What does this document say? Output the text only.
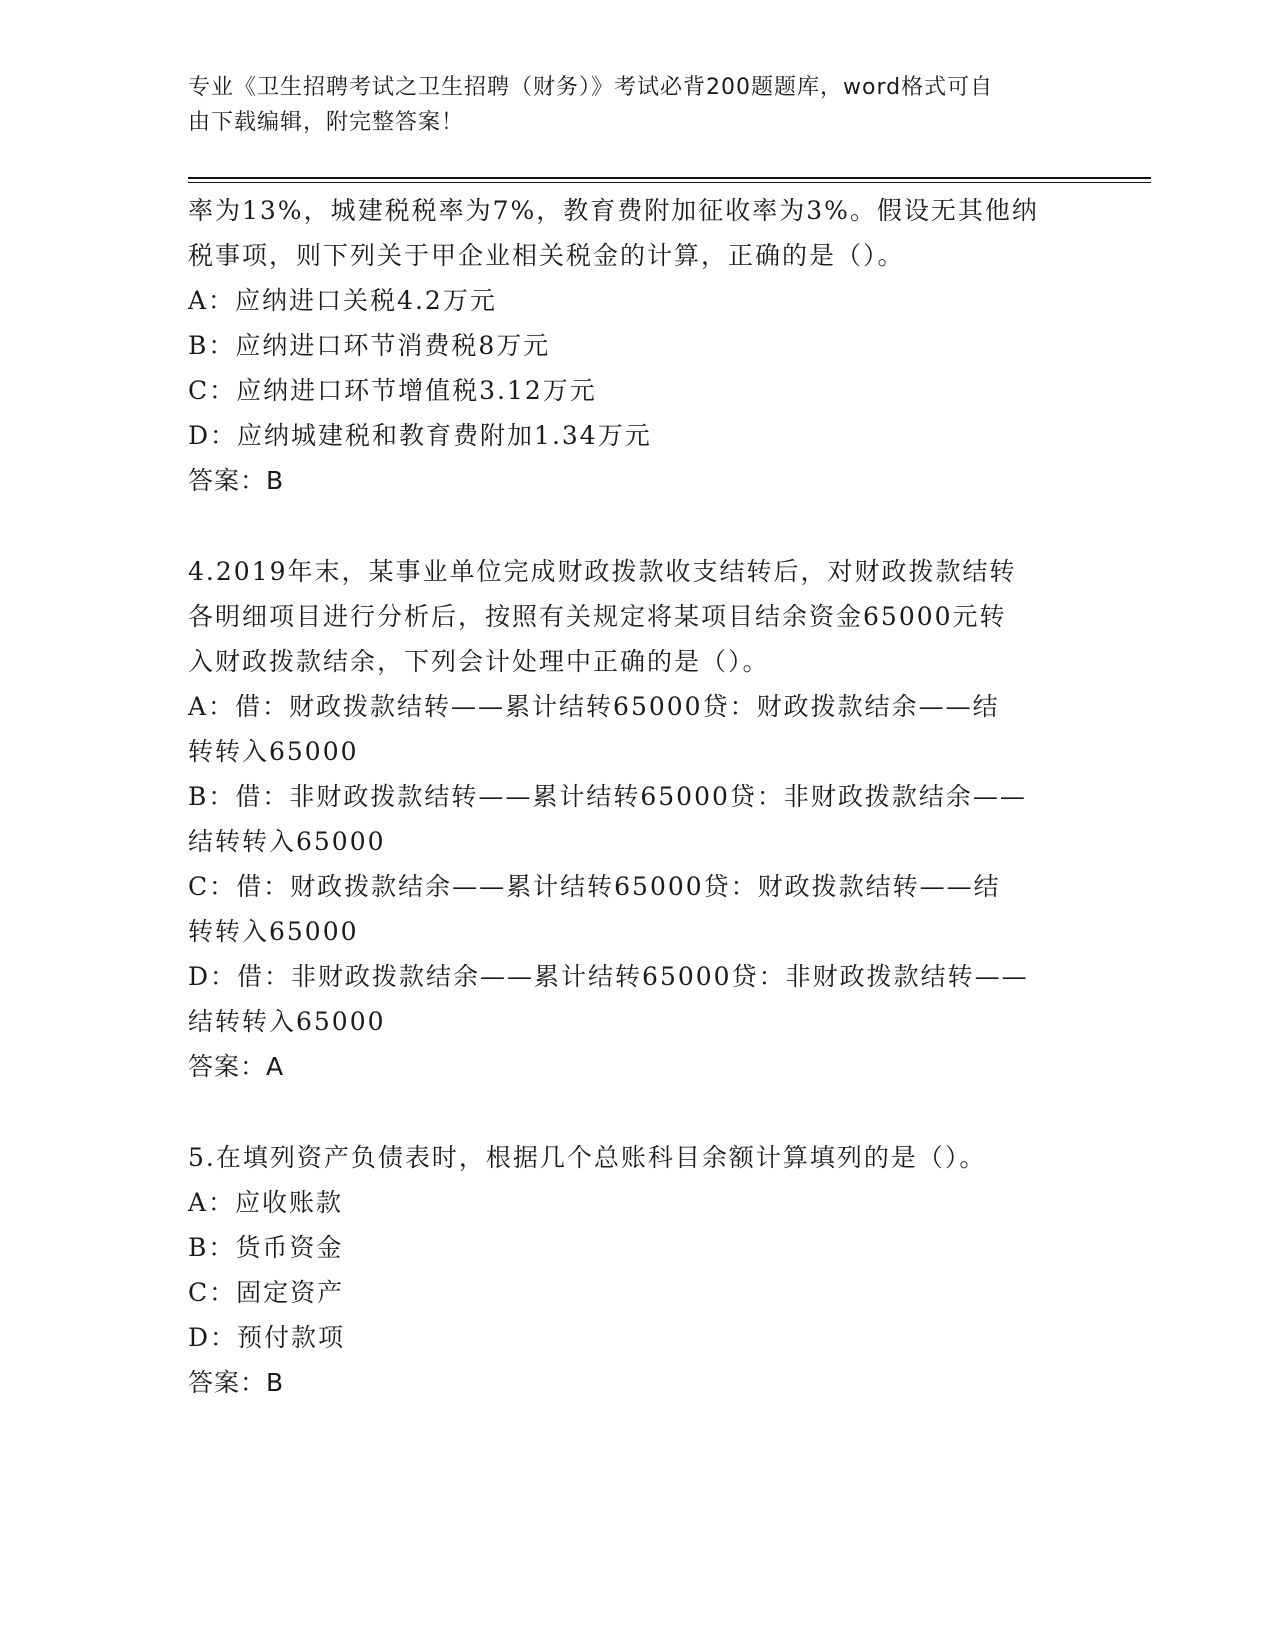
专业《卫生招聘考试之卫生招聘（财务）》考试必背200题题库，word格式可自
由下载编辑，附完整答案！
率为13%，城建税税率为7%，教育费附加征收率为3%。假设无其他纳
税事项，则下列关于甲企业相关税金的计算，正确的是（）。
A：应纳进口关税4.2万元
B：应纳进口环节消费税8万元
C：应纳进口环节增值税3.12万元
D：应纳城建税和教育费附加1.34万元
答案：B
4.2019年末，某事业单位完成财政拨款收支结转后，对财政拨款结转
各明细项目进行分析后，按照有关规定将某项目结余资金65000元转
入财政拨款结余，下列会计处理中正确的是（）。
A：借：财政拨款结转——累计结转65000贷：财政拨款结余——结
转转入65000
B：借：非财政拨款结转——累计结转65000贷：非财政拨款结余——
结转转入65000
C：借：财政拨款结余——累计结转65000贷：财政拨款结转——结
转转入65000
D：借：非财政拨款结余——累计结转65000贷：非财政拨款结转——
结转转入65000
答案：A
5.在填列资产负债表时，根据几个总账科目余额计算填列的是（）。
A：应收账款
B：货币资金
C：固定资产
D：预付款项
答案：B
